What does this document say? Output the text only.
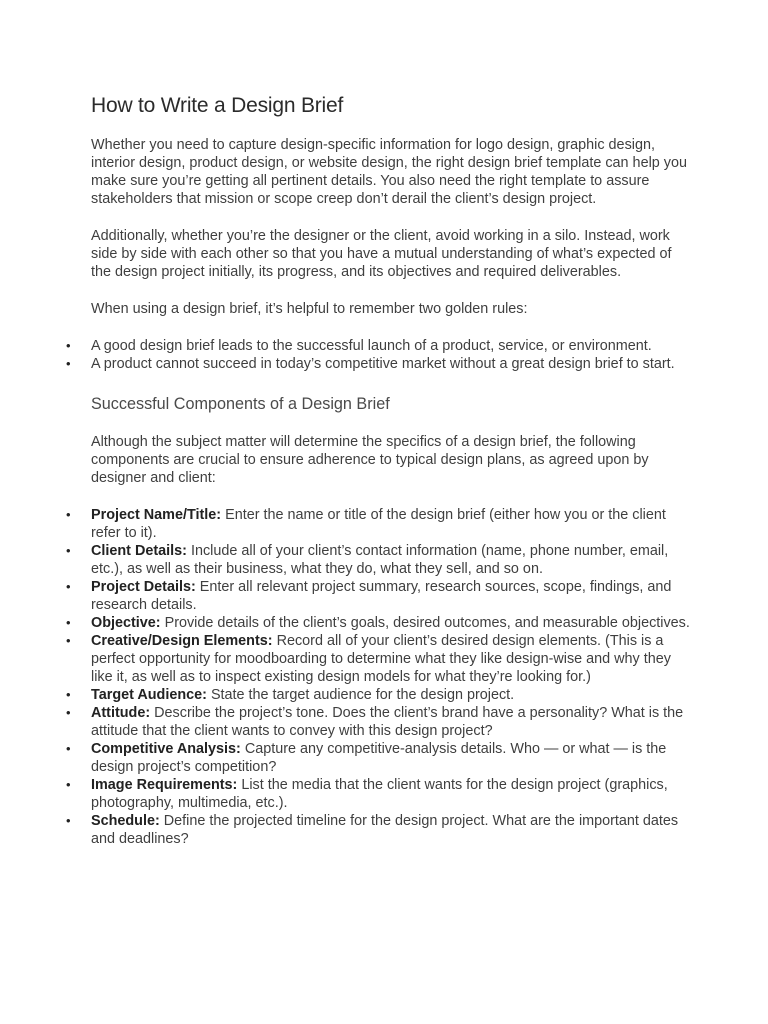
How to Write a Design Brief

Whether you need to capture design-specific information for logo design, graphic design, interior design, product design, or website design, the right design brief template can help you make sure you’re getting all pertinent details. You also need the right template to assure stakeholders that mission or scope creep don’t derail the client’s design project.

Additionally, whether you’re the designer or the client, avoid working in a silo. Instead, work side by side with each other so that you have a mutual understanding of what’s expected of the design project initially, its progress, and its objectives and required deliverables.

When using a design brief, it’s helpful to remember two golden rules:

• A good design brief leads to the successful launch of a product, service, or environment.
• A product cannot succeed in today’s competitive market without a great design brief to start.
Successful Components of a Design Brief

Although the subject matter will determine the specifics of a design brief, the following components are crucial to ensure adherence to typical design plans, as agreed upon by designer and client:

• Project Name/Title: Enter the name or title of the design brief (either how you or the client refer to it).
• Client Details: Include all of your client’s contact information (name, phone number, email, etc.), as well as their business, what they do, what they sell, and so on.
• Project Details: Enter all relevant project summary, research sources, scope, findings, and research details.
• Objective: Provide details of the client’s goals, desired outcomes, and measurable objectives.
• Creative/Design Elements: Record all of your client’s desired design elements. (This is a perfect opportunity for moodboarding to determine what they like design-wise and why they like it, as well as to inspect existing design models for what they’re looking for.)
• Target Audience: State the target audience for the design project.
• Attitude: Describe the project’s tone. Does the client’s brand have a personality? What is the attitude that the client wants to convey with this design project?
• Competitive Analysis: Capture any competitive-analysis details. Who — or what — is the design project’s competition?
• Image Requirements: List the media that the client wants for the design project (graphics, photography, multimedia, etc.).
• Schedule: Define the projected timeline for the design project. What are the important dates and deadlines?
